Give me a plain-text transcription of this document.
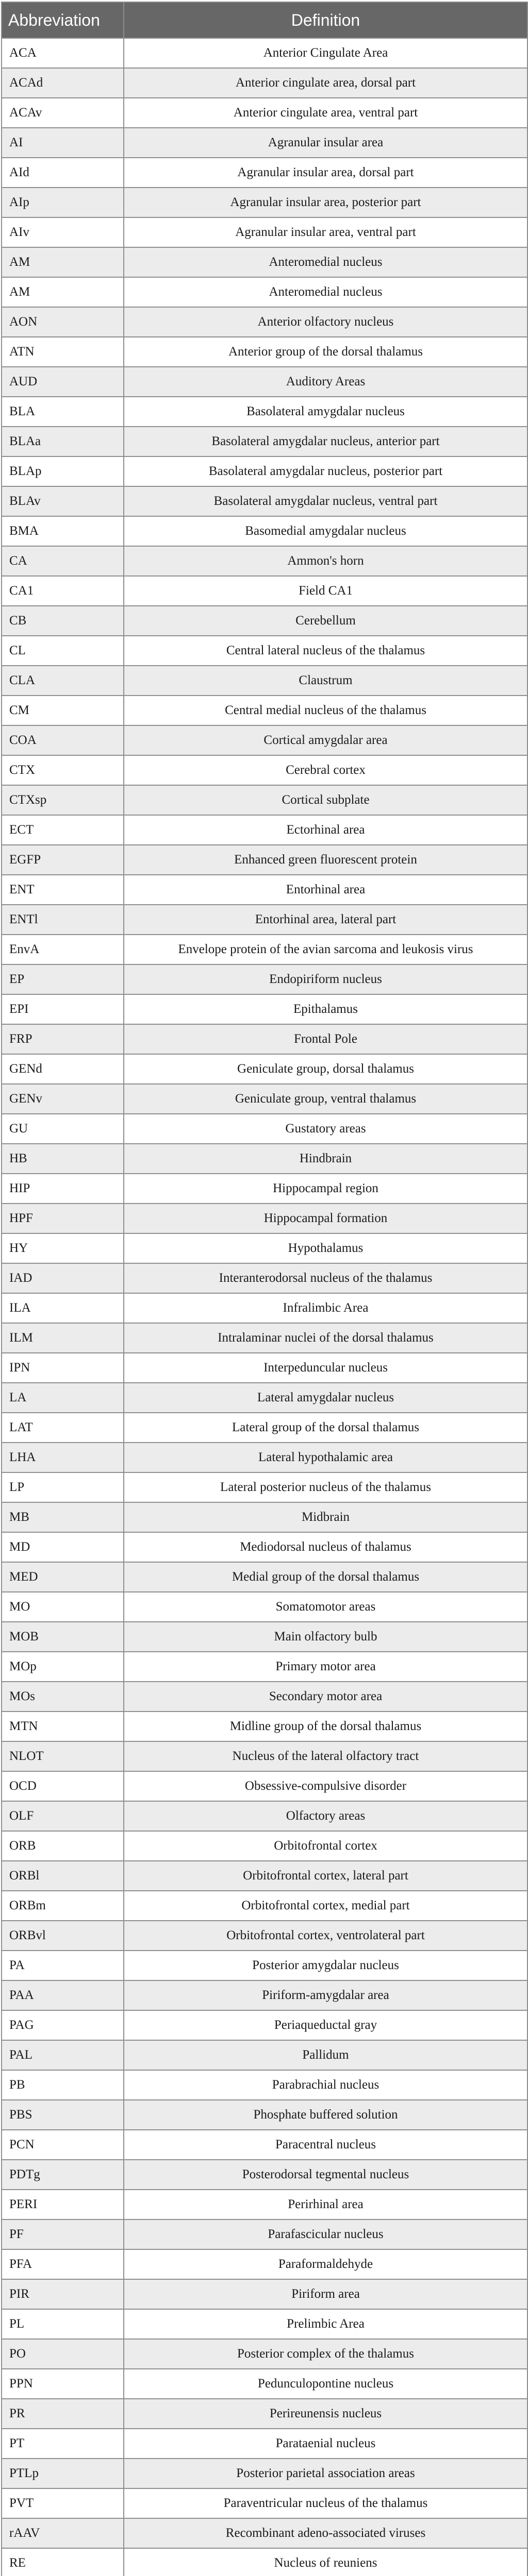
Abbreviation	Definition
ACA	Anterior Cingulate Area
ACAd	Anterior cingulate area, dorsal part
ACAv	Anterior cingulate area, ventral part
AI	Agranular insular area
AId	Agranular insular area, dorsal part
AIp	Agranular insular area, posterior part
AIv	Agranular insular area, ventral part
AM	Anteromedial nucleus
AM	Anteromedial nucleus
AON	Anterior olfactory nucleus
ATN	Anterior group of the dorsal thalamus
AUD	Auditory Areas
BLA	Basolateral amygdalar nucleus
BLAa	Basolateral amygdalar nucleus, anterior part
BLAp	Basolateral amygdalar nucleus, posterior part
BLAv	Basolateral amygdalar nucleus, ventral part
BMA	Basomedial amygdalar nucleus
CA	Ammon's horn
CA1	Field CA1
CB	Cerebellum
CL	Central lateral nucleus of the thalamus
CLA	Claustrum
CM	Central medial nucleus of the thalamus
COA	Cortical amygdalar area
CTX	Cerebral cortex
CTXsp	Cortical subplate
ECT	Ectorhinal area
EGFP	Enhanced green fluorescent protein
ENT	Entorhinal area
ENTl	Entorhinal area, lateral part
EnvA	Envelope protein of the avian sarcoma and leukosis virus
EP	Endopiriform nucleus
EPI	Epithalamus
FRP	Frontal Pole
GENd	Geniculate group, dorsal thalamus
GENv	Geniculate group, ventral thalamus
GU	Gustatory areas
HB	Hindbrain
HIP	Hippocampal region
HPF	Hippocampal formation
HY	Hypothalamus
IAD	Interanterodorsal nucleus of the thalamus
ILA	Infralimbic Area
ILM	Intralaminar nuclei of the dorsal thalamus
IPN	Interpeduncular nucleus
LA	Lateral amygdalar nucleus
LAT	Lateral group of the dorsal thalamus
LHA	Lateral hypothalamic area
LP	Lateral posterior nucleus of the thalamus
MB	Midbrain
MD	Mediodorsal nucleus of thalamus
MED	Medial group of the dorsal thalamus
MO	Somatomotor areas
MOB	Main olfactory bulb
MOp	Primary motor area
MOs	Secondary motor area
MTN	Midline group of the dorsal thalamus
NLOT	Nucleus of the lateral olfactory tract
OCD	Obsessive-compulsive disorder
OLF	Olfactory areas
ORB	Orbitofrontal cortex
ORBl	Orbitofrontal cortex, lateral part
ORBm	Orbitofrontal cortex, medial part
ORBvl	Orbitofrontal cortex, ventrolateral part
PA	Posterior amygdalar nucleus
PAA	Piriform-amygdalar area
PAG	Periaqueductal gray
PAL	Pallidum
PB	Parabrachial nucleus
PBS	Phosphate buffered solution
PCN	Paracentral nucleus
PDTg	Posterodorsal tegmental nucleus
PERI	Perirhinal area
PF	Parafascicular nucleus
PFA	Paraformaldehyde
PIR	Piriform area
PL	Prelimbic Area
PO	Posterior complex of the thalamus
PPN	Pedunculopontine nucleus
PR	Perireunensis nucleus
PT	Parataenial nucleus
PTLp	Posterior parietal association areas
PVT	Paraventricular nucleus of the thalamus
rAAV	Recombinant adeno-associated viruses
RE	Nucleus of reuniens
